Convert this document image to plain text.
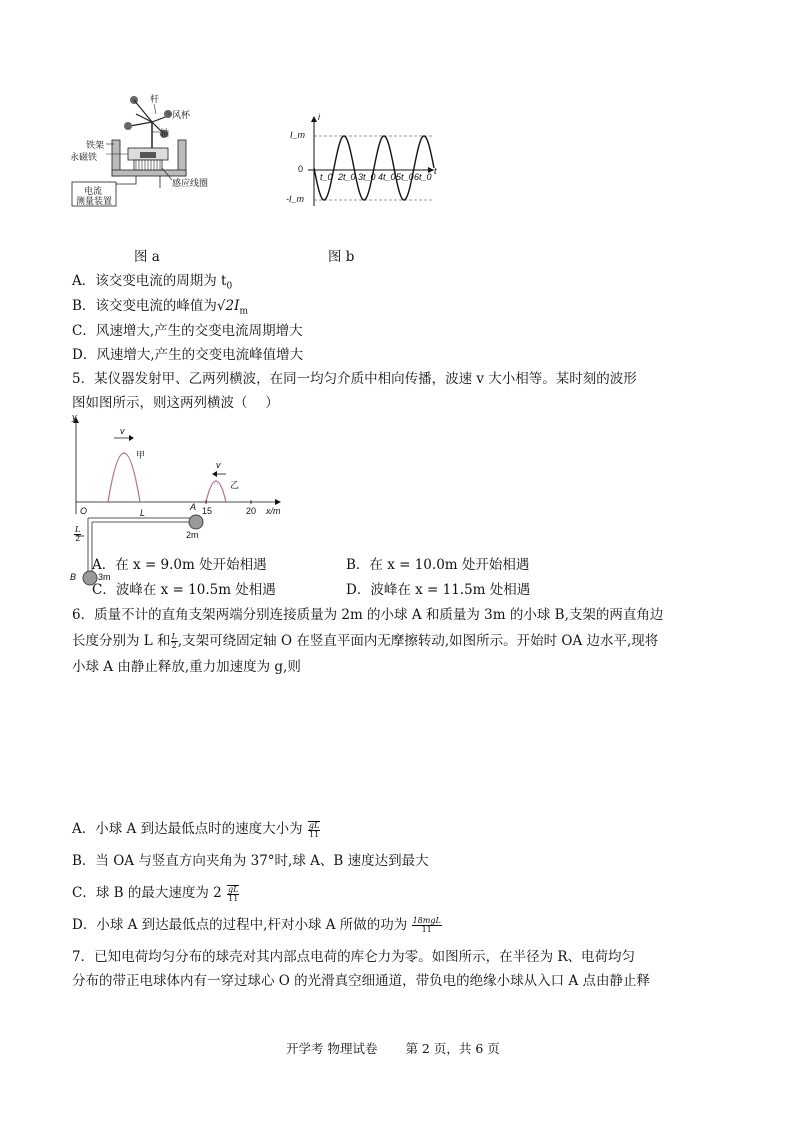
杆
风杯
轴
铁架
永磁铁
感应线圈
电流
测量装置
i
t
I_m
0
-I_m
t_0 2t_0 3t_0 4t_0 5t_0 6t_0
图 a	图 b
A．该交变电流的周期为 $t_0$
B．该交变电流的峰值为$√2I_m$
C．风速增大,产生的交变电流周期增大
D．风速增大,产生的交变电流峰值增大
5．某仪器发射甲、乙两列横波，在同一均匀介质中相向传播，波速 v 大小相等。某时刻的波形
图如图所示，则这两列横波（　 ）
y
v
甲
v
乙
15	20 x/m
O	L
A
2m
$\frac{L}{2}$
B 3m
A．在 x = 9.0m 处开始相遇	B．在 x = 10.0m 处开始相遇
C．波峰在 x = 10.5m 处相遇	D．波峰在 x = 11.5m 处相遇
6．质量不计的直角支架两端分别连接质量为 2m 的小球 A 和质量为 3m 的小球 B,支架的两直角边
长度分别为 L 和 $\frac{L}{2}$ ,支架可绕固定轴 O 在竖直平面内无摩擦转动,如图所示。开始时 OA 边水平,现将
小球 A 由静止释放,重力加速度为 g,则
A．小球 A 到达最低点时的速度大小为 $\frac{gL}{11}$
B．当 OA 与竖直方向夹角为 37°时,球 A、B 速度达到最大
C．球 B 的最大速度为 $2 \frac{gL}{11}$
D．小球 A 到达最低点的过程中,杆对小球 A 所做的功为 $\frac{\text{18mgL}}{11}$
7．已知电荷均匀分布的球壳对其内部点电荷的库仑力为零。如图所示，在半径为 R、电荷均匀
分布的带正电球体内有一穿过球心 O 的光滑真空细通道，带负电的绝缘小球从入口 A 点由静止释
开学考 物理试卷 第 2 页，共 6 页
